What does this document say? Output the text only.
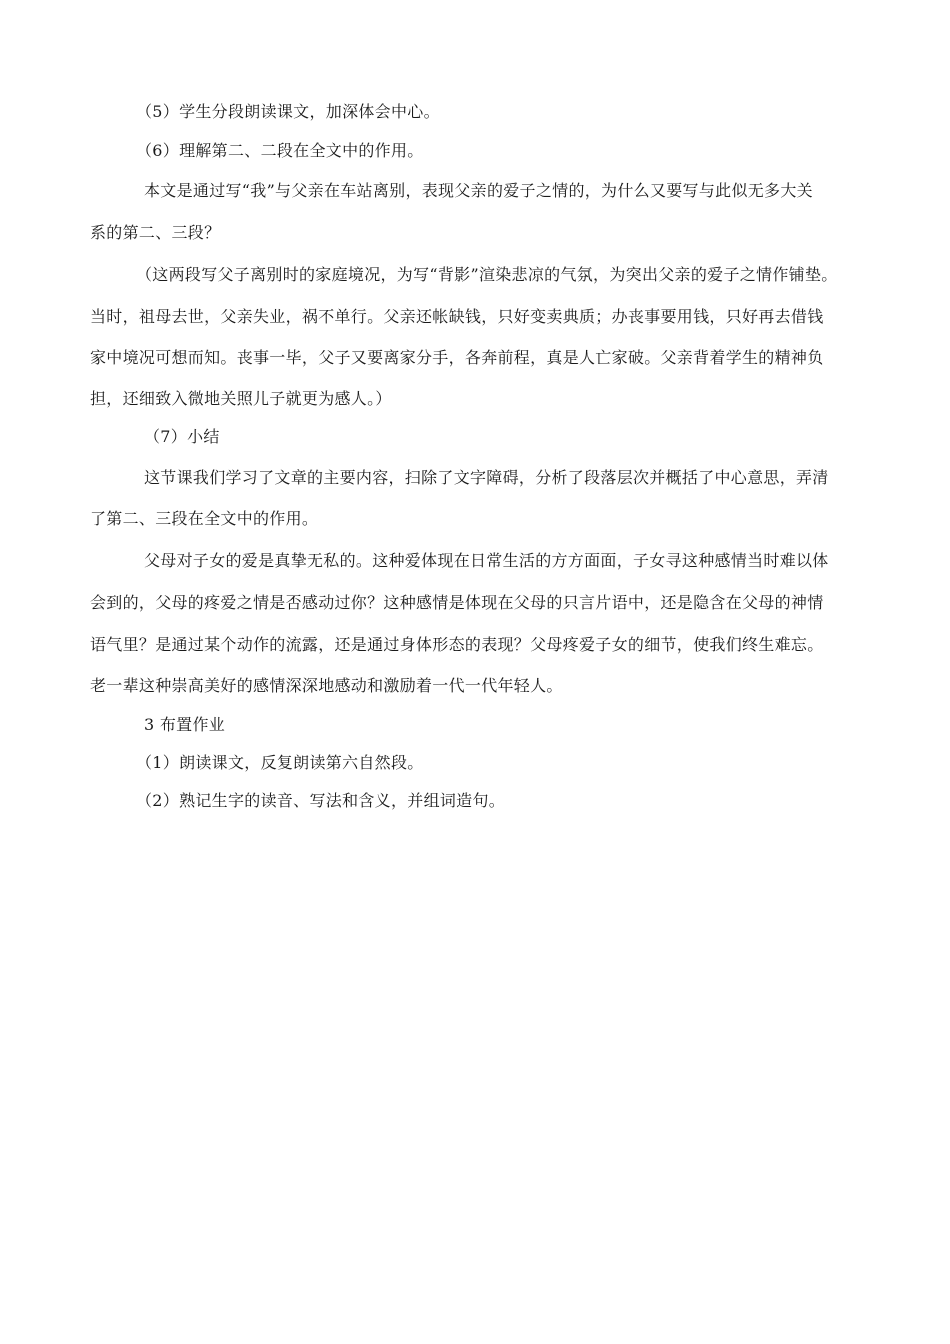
（5）学生分段朗读课文，加深体会中心。
（6）理解第二、二段在全文中的作用。
本文是通过写“我”与父亲在车站离别，表现父亲的爱子之情的，为什么又要写与此似无多大关
系的第二、三段？
（这两段写父子离别时的家庭境况，为写“背影”渲染悲凉的气氛，为突出父亲的爱子之情作铺垫。
当时，祖母去世，父亲失业，祸不单行。父亲还帐缺钱，只好变卖典质；办丧事要用钱，只好再去借钱
家中境况可想而知。丧事一毕，父子又要离家分手，各奔前程，真是人亡家破。父亲背着学生的精神负
担，还细致入微地关照儿子就更为感人。）
（7）小结
这节课我们学习了文章的主要内容，扫除了文字障碍，分析了段落层次并概括了中心意思，弄清
了第二、三段在全文中的作用。
父母对子女的爱是真挚无私的。这种爱体现在日常生活的方方面面，子女寻这种感情当时难以体
会到的，父母的疼爱之情是否感动过你？这种感情是体现在父母的只言片语中，还是隐含在父母的神情
语气里？是通过某个动作的流露，还是通过身体形态的表现？父母疼爱子女的细节，使我们终生难忘。
老一辈这种崇高美好的感情深深地感动和激励着一代一代年轻人。
3 布置作业
（1）朗读课文，反复朗读第六自然段。
（2）熟记生字的读音、写法和含义，并组词造句。
